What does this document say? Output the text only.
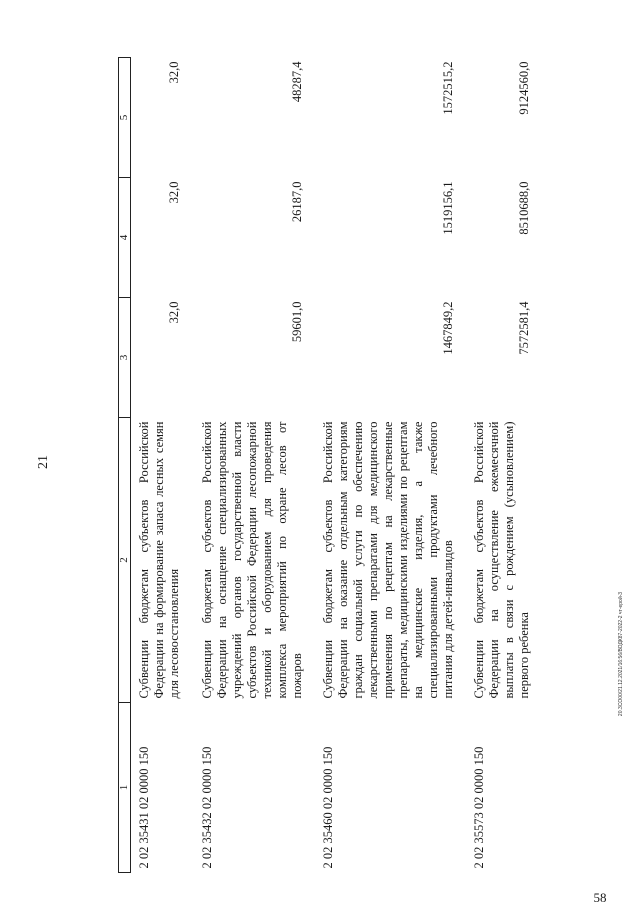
21
1	2	3	4	5
2 02 35431 02 0000 150	Субвенции бюджетам субъектов Российской Федерации на формирование запаса лесных семян для лесовосстановления	32,0	32,0	32,0
2 02 35432 02 0000 150	Субвенции бюджетам субъектов Российской Федерации на оснащение специализированных учреждений органов государственной власти субъектов Российской Федерации лесопожарной техникой и оборудованием для проведения комплекса мероприятий по охране лесов от пожаров	59601,0	26187,0	48287,4
2 02 35460 02 0000 150	Субвенции бюджетам субъектов Российской Федерации на оказание отдельным категориям граждан социальной услуги по обеспечению лекарственными препаратами для медицинского применения по рецептам на лекарственные препараты, медицинскими изделиями по рецептам на медицинские изделия, а также специализированными продуктами лечебного питания для детей-инвалидов	1467849,2	1519156,1	1572515,2
2 02 35573 02 0000 150	Субвенции бюджетам субъектов Российской Федерации на осуществление ежемесячной выплаты в связи с рождением (усыновлением) первого ребенка	7572581,4	8510688,0	9124560,0
20.ЗСО00/21.12.2021/16:56/ВОДК87-2022-2 чт-ерой-3
58
